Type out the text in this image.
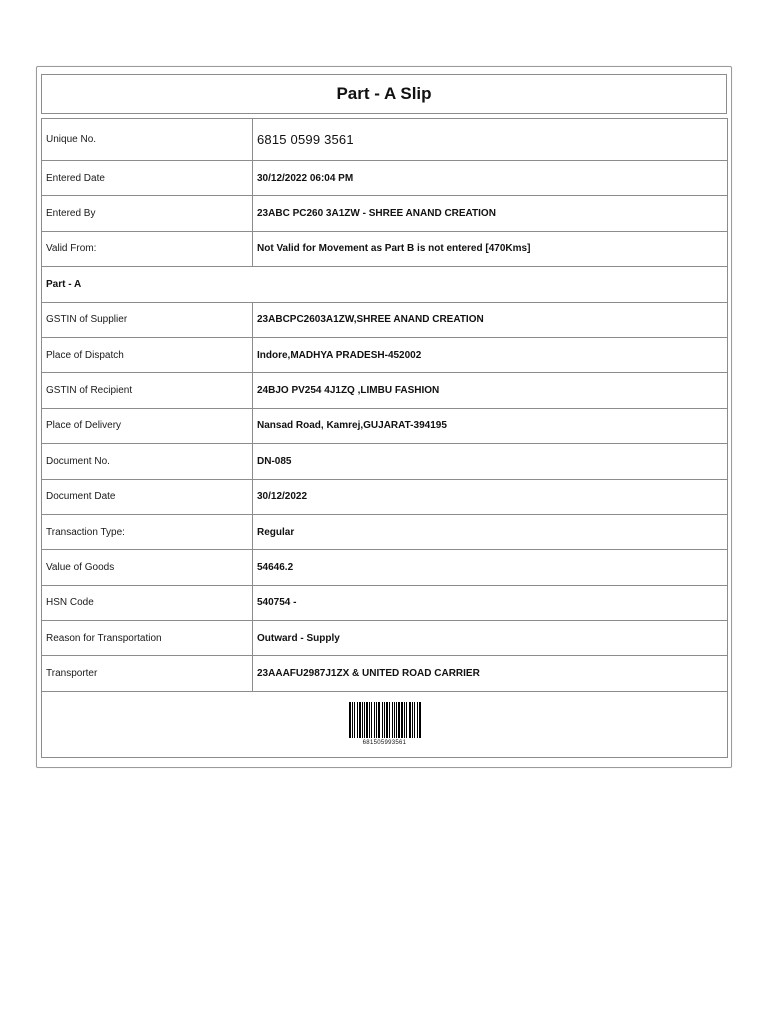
Part - A Slip
Unique No.	6815 0599 3561
Entered Date	30/12/2022 06:04 PM
Entered By	23ABC PC260 3A1ZW - SHREE ANAND CREATION
Valid From:	Not Valid for Movement as Part B is not entered [470Kms]
Part - A	
GSTIN of Supplier	23ABCPC2603A1ZW,SHREE ANAND CREATION
Place of Dispatch	Indore,MADHYA PRADESH-452002
GSTIN of Recipient	24BJO PV254 4J1ZQ ,LIMBU FASHION
Place of Delivery	Nansad Road, Kamrej,GUJARAT-394195
Document No.	DN-085
Document Date	30/12/2022
Transaction Type:	Regular
Value of Goods	54646.2
HSN Code	540754 -
Reason for Transportation	Outward - Supply
Transporter	23AAAFU2987J1ZX & UNITED ROAD CARRIER

681505993561	
